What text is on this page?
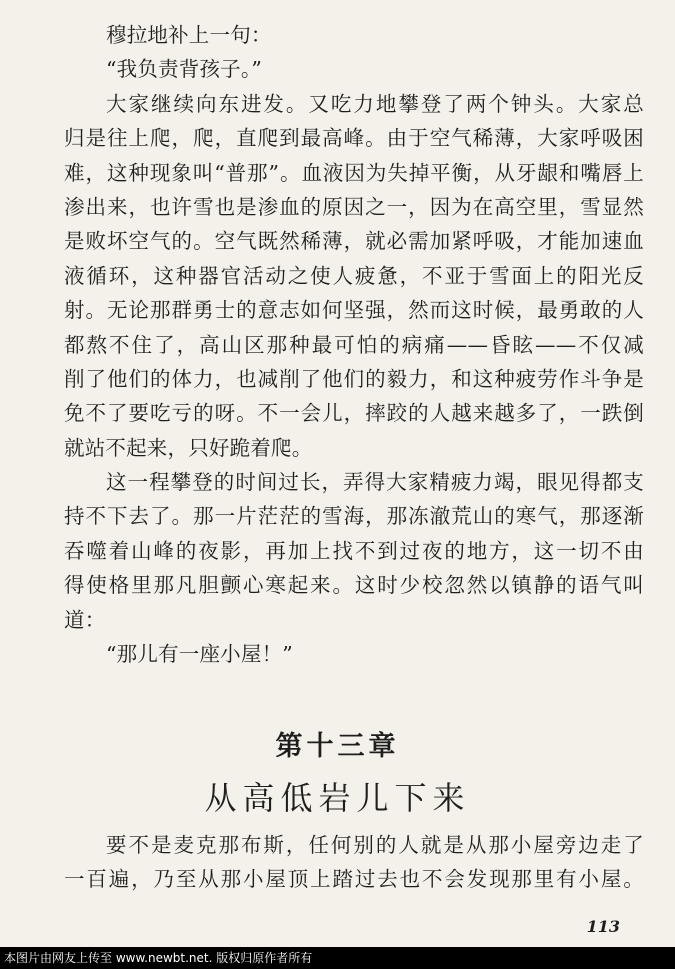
穆拉地补上一句：
“我负责背孩子。”
大家继续向东进发。又吃力地攀登了两个钟头。大家总
归是往上爬，爬，直爬到最高峰。由于空气稀薄，大家呼吸困
难，这种现象叫“普那”。血液因为失掉平衡，从牙龈和嘴唇上
渗出来，也许雪也是渗血的原因之一，因为在高空里，雪显然
是败坏空气的。空气既然稀薄，就必需加紧呼吸，才能加速血
液循环，这种器官活动之使人疲惫，不亚于雪面上的阳光反
射。无论那群勇士的意志如何坚强，然而这时候，最勇敢的人
都熬不住了，高山区那种最可怕的病痛——昏眩——不仅减
削了他们的体力，也减削了他们的毅力，和这种疲劳作斗争是
免不了要吃亏的呀。不一会儿，摔跤的人越来越多了，一跌倒
就站不起来，只好跪着爬。
这一程攀登的时间过长，弄得大家精疲力竭，眼见得都支
持不下去了。那一片茫茫的雪海，那冻澈荒山的寒气，那逐渐
吞噬着山峰的夜影，再加上找不到过夜的地方，这一切不由
得使格里那凡胆颤心寒起来。这时少校忽然以镇静的语气叫
道：
“那儿有一座小屋！”
第十三章
从高低岩儿下来
要不是麦克那布斯，任何别的人就是从那小屋旁边走了
一百遍，乃至从那小屋顶上踏过去也不会发现那里有小屋。
113
本图片由网友上传至 www.newbt.net. 版权归原作者所有
